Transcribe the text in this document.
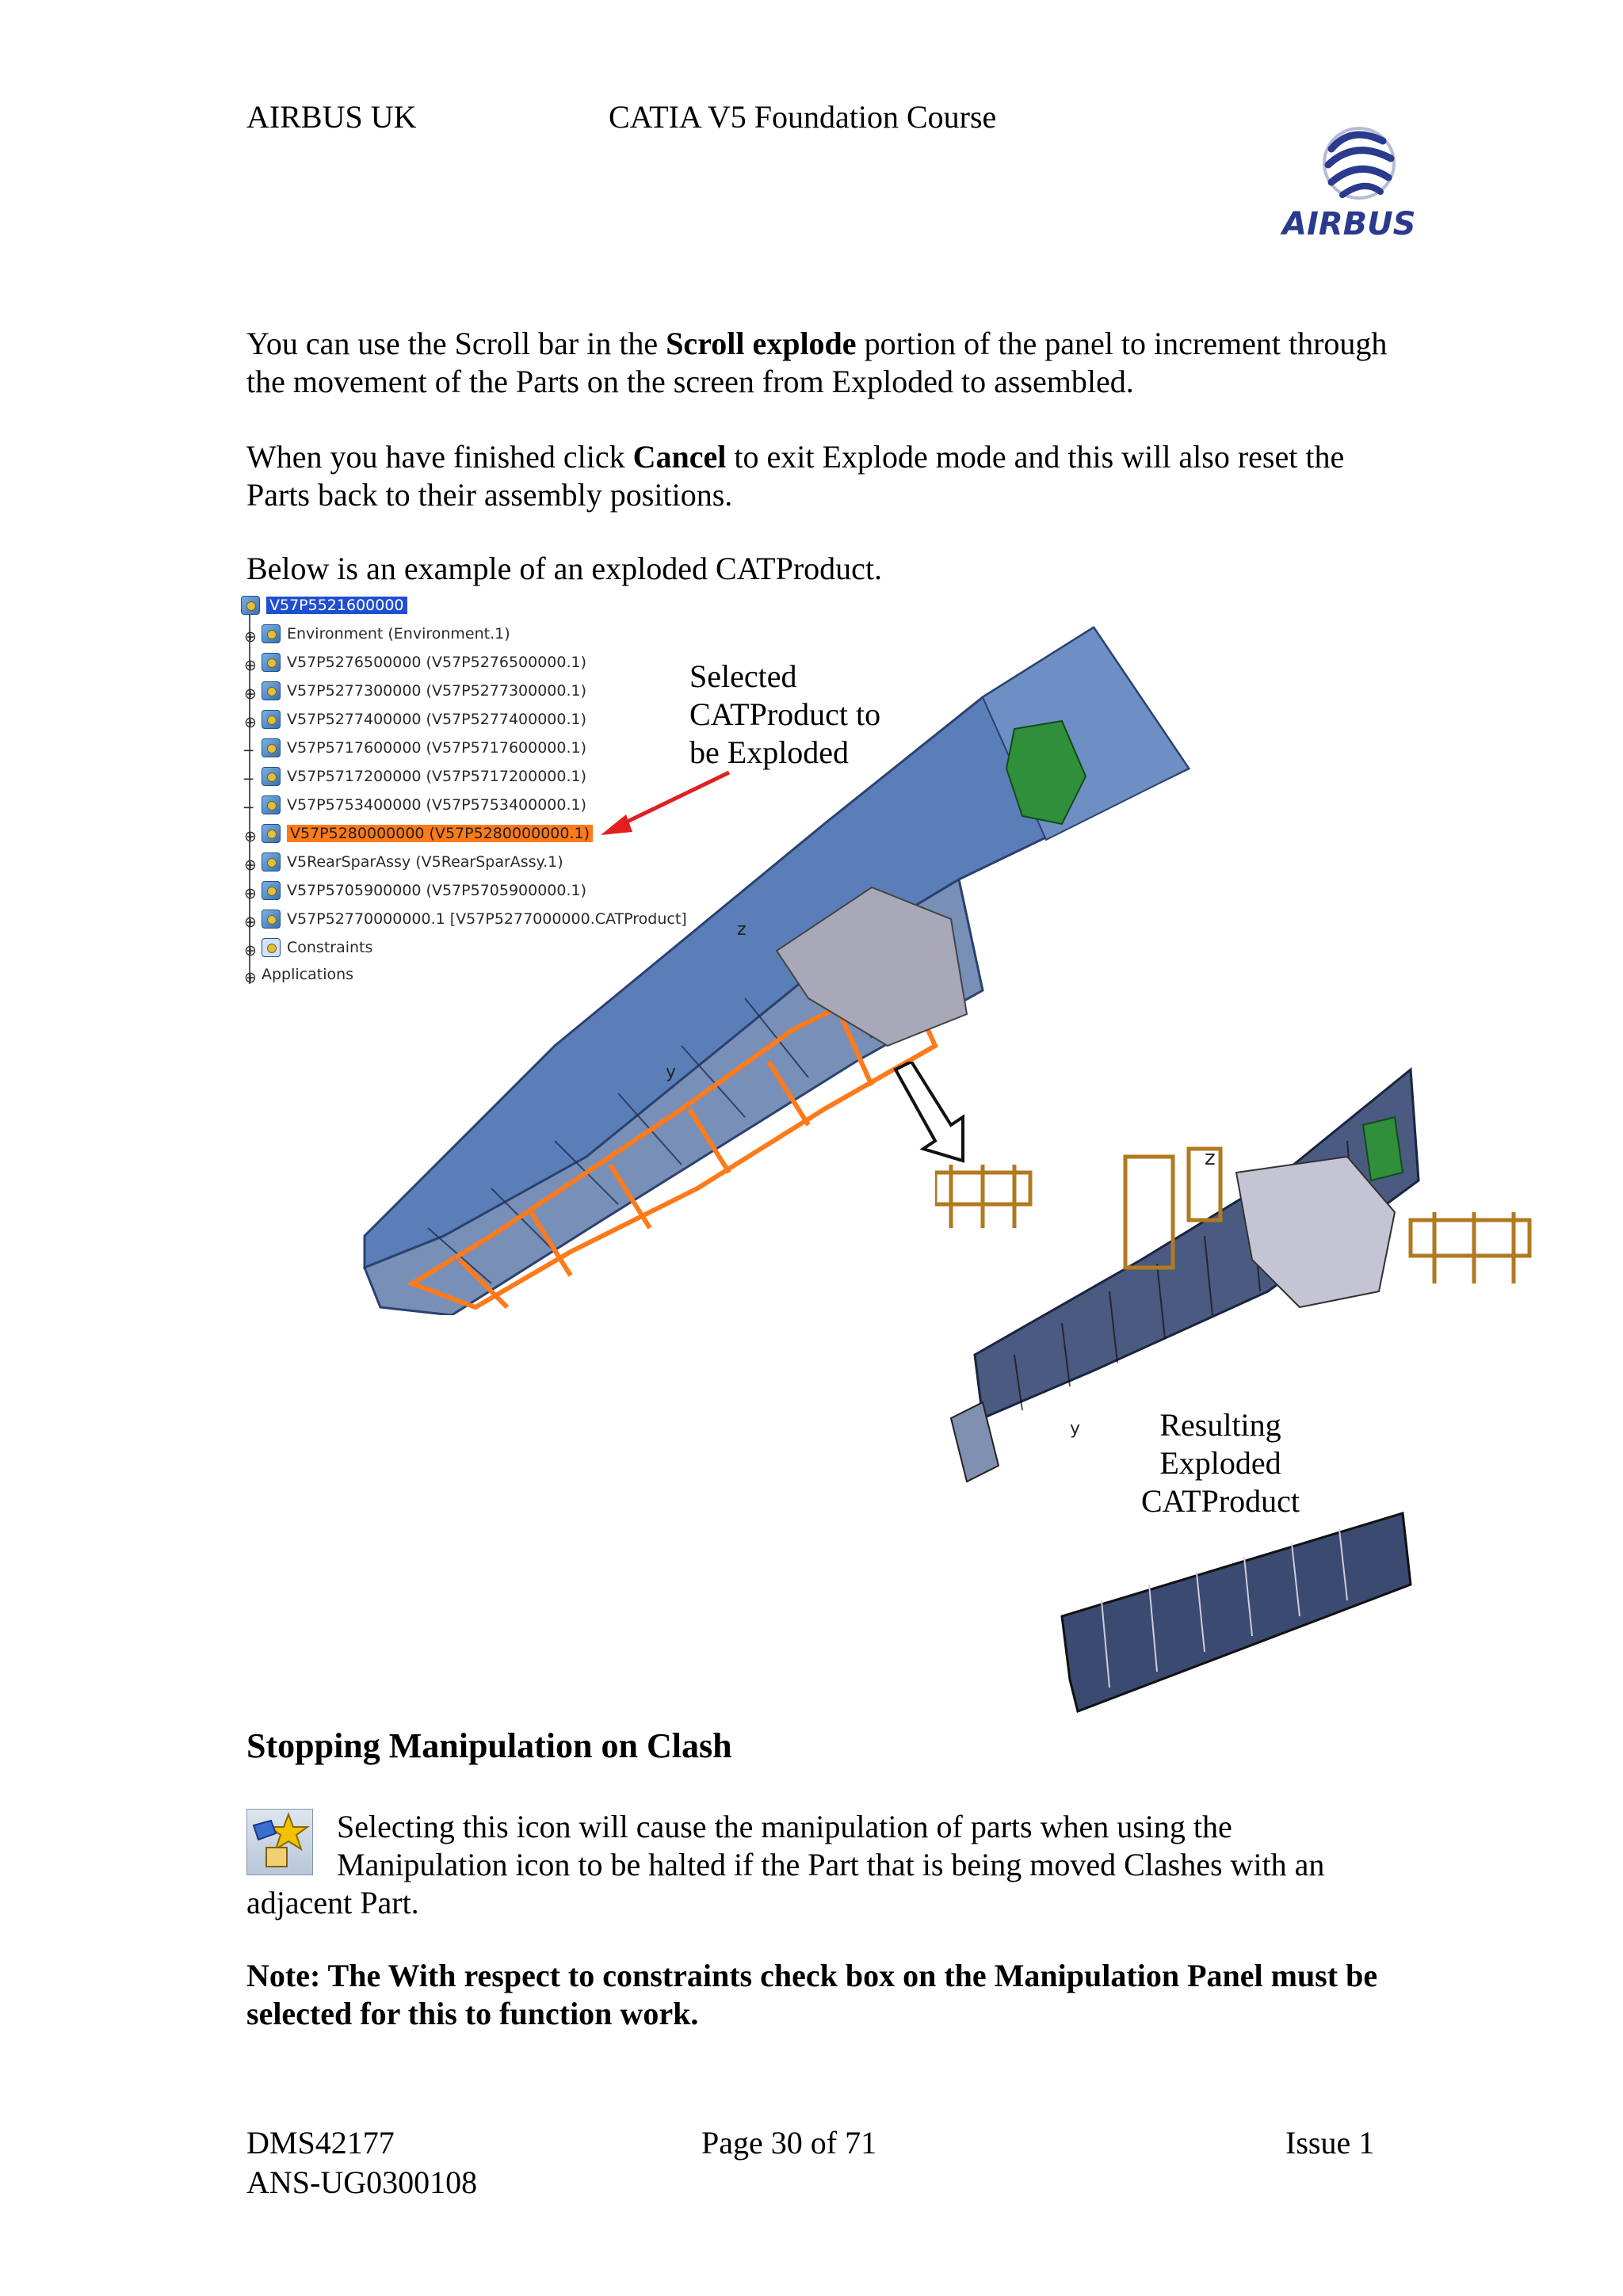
AIRBUS UK	CATIA V5 Foundation Course
AIRBUS
You can use the Scroll bar in the Scroll explode portion of the panel to increment through the movement of the Parts on the screen from Exploded to assembled.
When you have finished click Cancel to exit Explode mode and this will also reset the Parts back to their assembly positions.
Below is an example of an exploded CATProduct.
V57P5521600000
⊕ Environment (Environment.1)
⊕ V57P5276500000 (V57P5276500000.1)
⊕ V57P5277300000 (V57P5277300000.1)
⊕ V57P5277400000 (V57P5277400000.1)
─ V57P5717600000 (V57P5717600000.1)
─ V57P5717200000 (V57P5717200000.1)
─ V57P5753400000 (V57P5753400000.1)
⊕ V57P5280000000 (V57P5280000000.1)
⊕ V5RearSparAssy (V5RearSparAssy.1)
⊕ V57P5705900000 (V57P5705900000.1)
⊕ V57P52770000000.1 [V57P5277000000.CATProduct]
⊕ Constraints
⊕ Applications
z
y
Selected
CATProduct to
be Exploded
z
y	Resulting
Exploded
CATProduct
Stopping Manipulation on Clash
Selecting this icon will cause the manipulation of parts when using the
Manipulation icon to be halted if the Part that is being moved Clashes with an
adjacent Part.
Note: The With respect to constraints check box on the Manipulation Panel must be selected for this to function work.
DMS42177
ANS-UG0300108
Page 30 of 71	Issue 1
